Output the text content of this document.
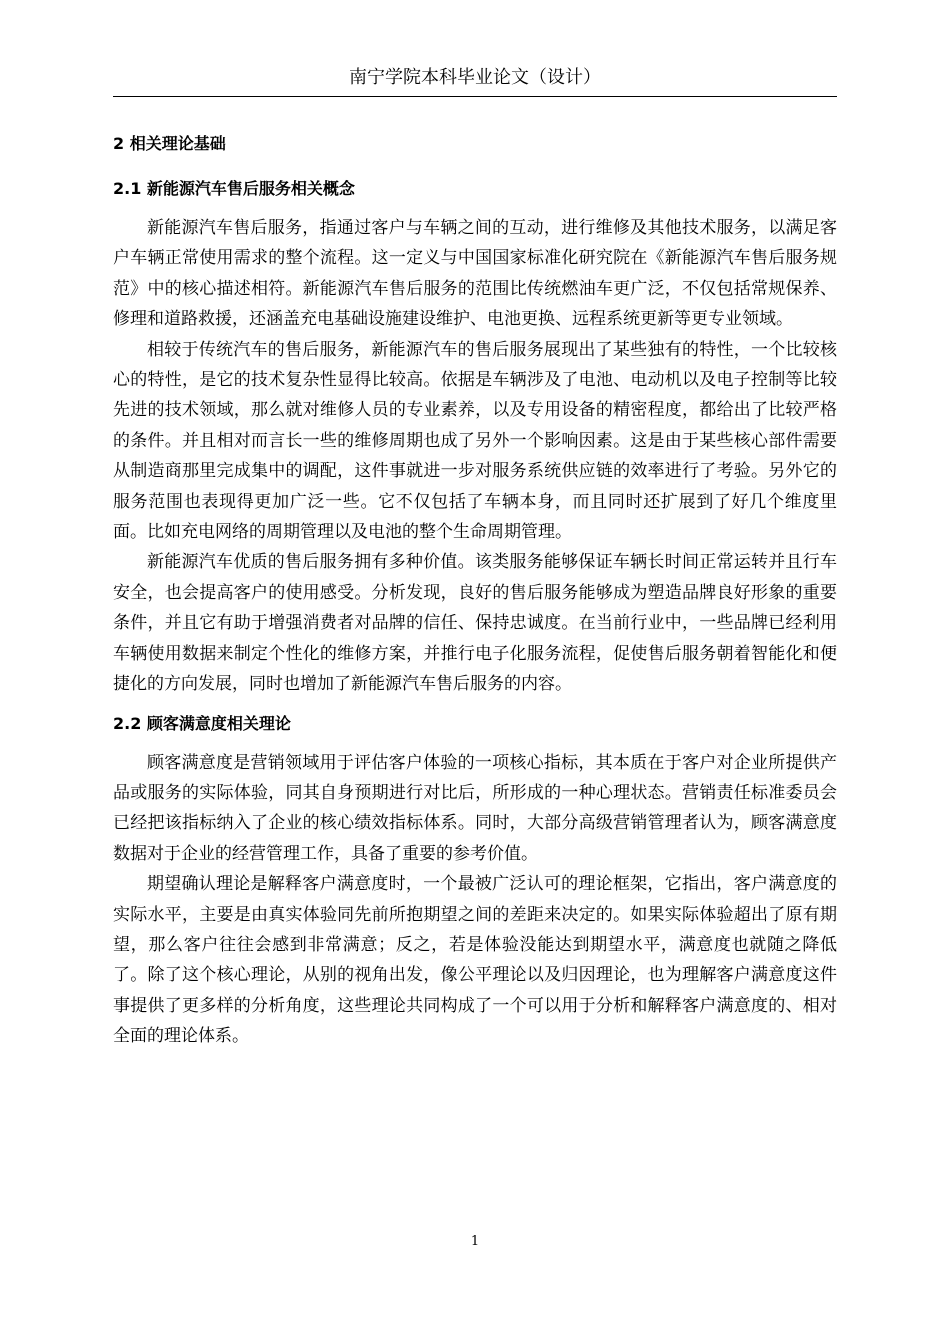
南宁学院本科毕业论文（设计）
2 相关理论基础
2.1 新能源汽车售后服务相关概念

新能源汽车售后服务，指通过客户与车辆之间的互动，进行维修及其他技术服务，以满足客户车辆正常使用需求的整个流程。这一定义与中国国家标准化研究院在《新能源汽车售后服务规范》中的核心描述相符。新能源汽车售后服务的范围比传统燃油车更广泛，不仅包括常规保养、修理和道路救援，还涵盖充电基础设施建设维护、电池更换、远程系统更新等更专业领域。

相较于传统汽车的售后服务，新能源汽车的售后服务展现出了某些独有的特性，一个比较核心的特性，是它的技术复杂性显得比较高。依据是车辆涉及了电池、电动机以及电子控制等比较先进的技术领域，那么就对维修人员的专业素养，以及专用设备的精密程度，都给出了比较严格的条件。并且相对而言长一些的维修周期也成了另外一个影响因素。这是由于某些核心部件需要从制造商那里完成集中的调配，这件事就进一步对服务系统供应链的效率进行了考验。另外它的服务范围也表现得更加广泛一些。它不仅包括了车辆本身，而且同时还扩展到了好几个维度里面。比如充电网络的周期管理以及电池的整个生命周期管理。

新能源汽车优质的售后服务拥有多种价值。该类服务能够保证车辆长时间正常运转并且行车安全，也会提高客户的使用感受。分析发现，良好的售后服务能够成为塑造品牌良好形象的重要条件，并且它有助于增强消费者对品牌的信任、保持忠诚度。在当前行业中，一些品牌已经利用车辆使用数据来制定个性化的维修方案，并推行电子化服务流程，促使售后服务朝着智能化和便捷化的方向发展，同时也增加了新能源汽车售后服务的内容。

2.2 顾客满意度相关理论

顾客满意度是营销领域用于评估客户体验的一项核心指标，其本质在于客户对企业所提供产品或服务的实际体验，同其自身预期进行对比后，所形成的一种心理状态。营销责任标准委员会已经把该指标纳入了企业的核心绩效指标体系。同时，大部分高级营销管理者认为，顾客满意度数据对于企业的经营管理工作，具备了重要的参考价值。

期望确认理论是解释客户满意度时，一个最被广泛认可的理论框架，它指出，客户满意度的实际水平，主要是由真实体验同先前所抱期望之间的差距来决定的。如果实际体验超出了原有期望，那么客户往往会感到非常满意；反之，若是体验没能达到期望水平，满意度也就随之降低了。除了这个核心理论，从别的视角出发，像公平理论以及归因理论，也为理解客户满意度这件事提供了更多样的分析角度，这些理论共同构成了一个可以用于分析和解释客户满意度的、相对全面的理论体系。

1
